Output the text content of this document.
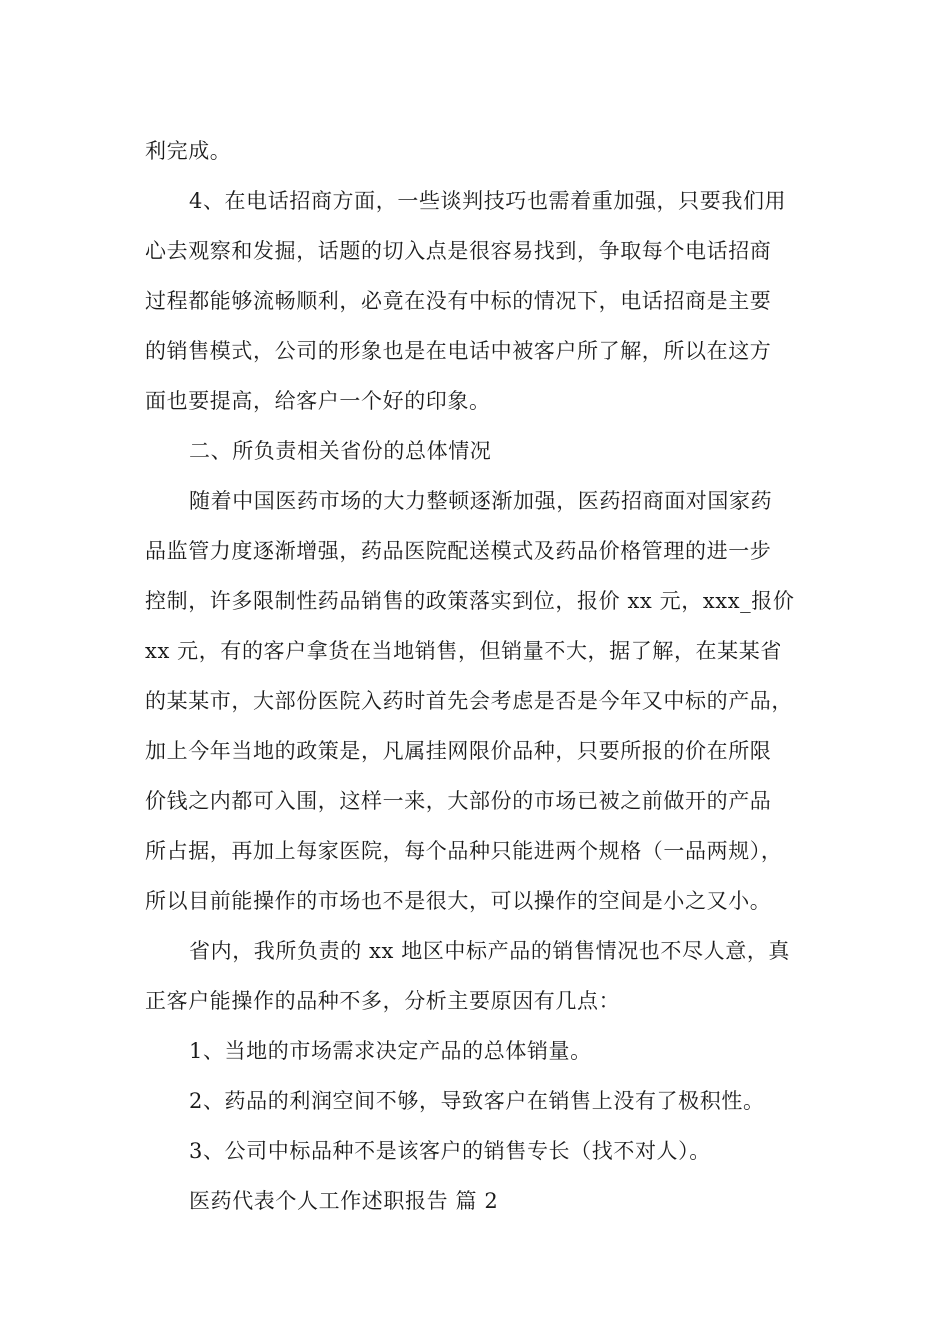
利完成。
4、在电话招商方面，一些谈判技巧也需着重加强，只要我们用
心去观察和发掘，话题的切入点是很容易找到，争取每个电话招商
过程都能够流畅顺利，必竟在没有中标的情况下，电话招商是主要
的销售模式，公司的形象也是在电话中被客户所了解，所以在这方
面也要提高，给客户一个好的印象。
二、所负责相关省份的总体情况
随着中国医药市场的大力整顿逐渐加强，医药招商面对国家药
品监管力度逐渐增强，药品医院配送模式及药品价格管理的进一步
控制，许多限制性药品销售的政策落实到位，报价 xx 元，xxx_报价
xx 元，有的客户拿货在当地销售，但销量不大，据了解，在某某省
的某某市，大部份医院入药时首先会考虑是否是今年又中标的产品，
加上今年当地的政策是，凡属挂网限价品种，只要所报的价在所限
价钱之内都可入围，这样一来，大部份的市场已被之前做开的产品
所占据，再加上每家医院，每个品种只能进两个规格（一品两规），
所以目前能操作的市场也不是很大，可以操作的空间是小之又小。
省内，我所负责的 xx 地区中标产品的销售情况也不尽人意，真
正客户能操作的品种不多，分析主要原因有几点：
1、当地的市场需求决定产品的总体销量。
2、药品的利润空间不够，导致客户在销售上没有了极积性。
3、公司中标品种不是该客户的销售专长（找不对人）。
医药代表个人工作述职报告 篇 2
